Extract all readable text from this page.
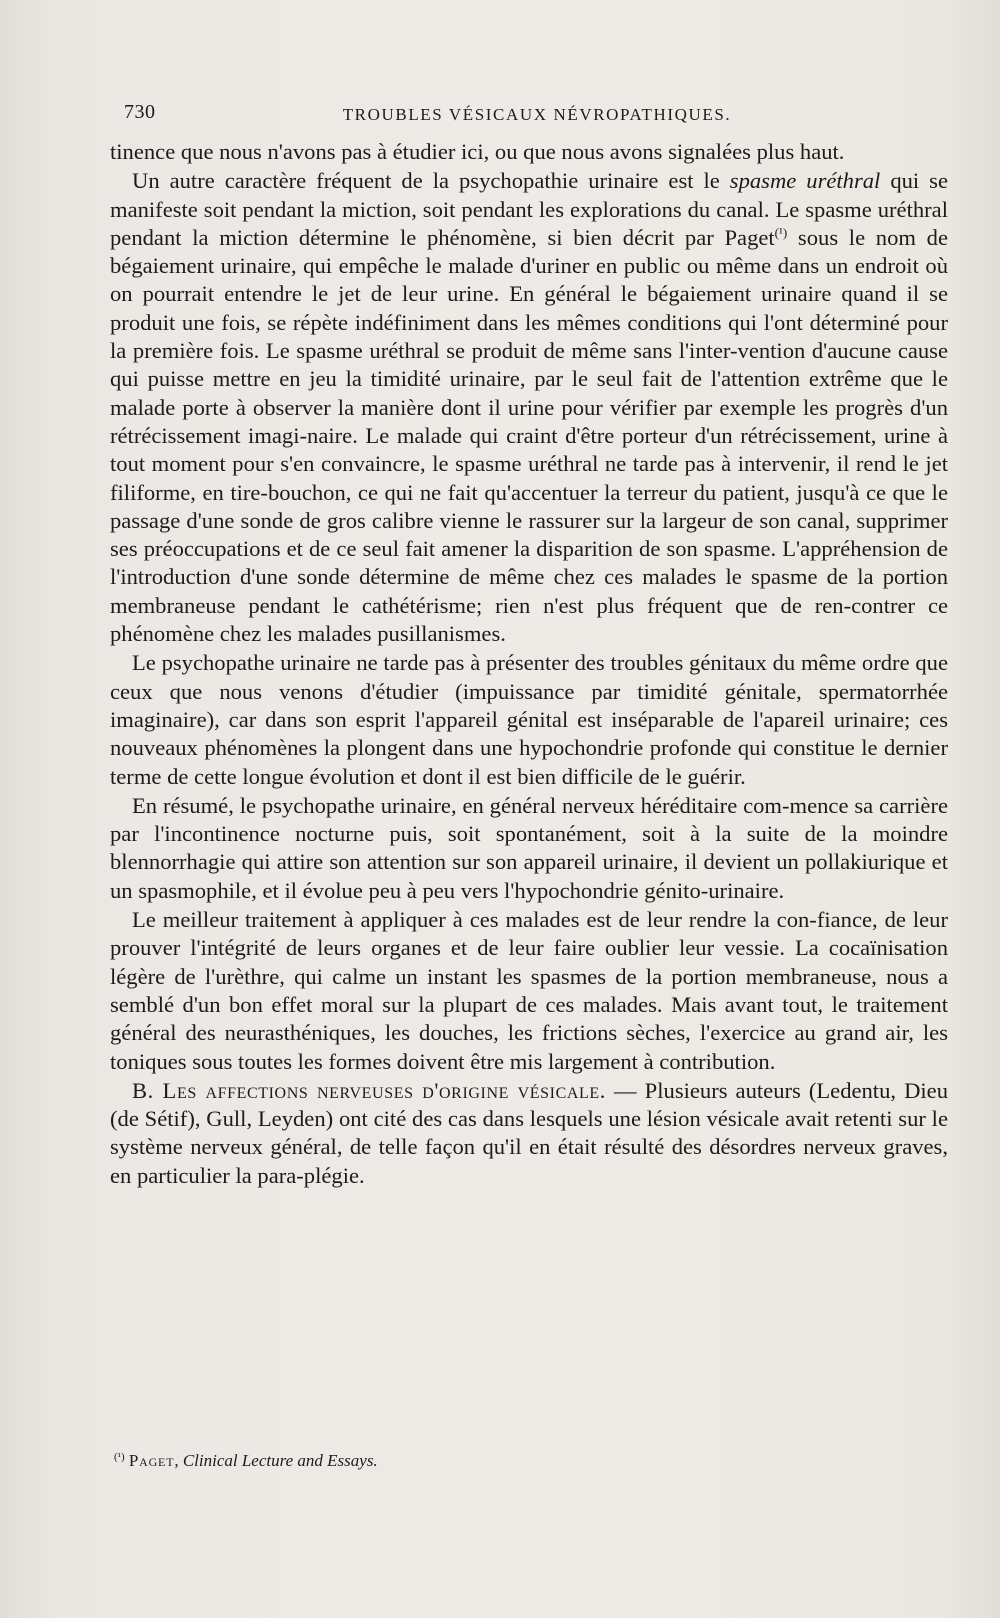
730	TROUBLES VÉSICAUX NÉVROPATHIQUES.

tinence que nous n'avons pas à étudier ici, ou que nous avons signalées plus haut.

Un autre caractère fréquent de la psychopathie urinaire est le spasme uréthral qui se manifeste soit pendant la miction, soit pendant les explorations du canal. Le spasme uréthral pendant la miction détermine le phénomène, si bien décrit par Paget$^{(^1)}$ sous le nom de bégaiement urinaire, qui empêche le malade d'uriner en public ou même dans un endroit où on pourrait entendre le jet de leur urine. En général le bégaiement urinaire quand il se produit une fois, se répète indéfiniment dans les mêmes conditions qui l'ont déterminé pour la première fois. Le spasme uréthral se produit de même sans l'inter-vention d'aucune cause qui puisse mettre en jeu la timidité urinaire, par le seul fait de l'attention extrême que le malade porte à observer la manière dont il urine pour vérifier par exemple les progrès d'un rétrécissement imagi-naire. Le malade qui craint d'être porteur d'un rétrécissement, urine à tout moment pour s'en convaincre, le spasme uréthral ne tarde pas à intervenir, il rend le jet filiforme, en tire-bouchon, ce qui ne fait qu'accentuer la terreur du patient, jusqu'à ce que le passage d'une sonde de gros calibre vienne le rassurer sur la largeur de son canal, supprimer ses préoccupations et de ce seul fait amener la disparition de son spasme. L'appréhension de l'introduction d'une sonde détermine de même chez ces malades le spasme de la portion membraneuse pendant le cathétérisme; rien n'est plus fréquent que de ren-contrer ce phénomène chez les malades pusillanismes.

Le psychopathe urinaire ne tarde pas à présenter des troubles génitaux du même ordre que ceux que nous venons d'étudier (impuissance par timidité génitale, spermatorrhée imaginaire), car dans son esprit l'appareil génital est inséparable de l'apareil urinaire; ces nouveaux phénomènes la plongent dans une hypochondrie profonde qui constitue le dernier terme de cette longue évolution et dont il est bien difficile de le guérir.

En résumé, le psychopathe urinaire, en général nerveux héréditaire com-mence sa carrière par l'incontinence nocturne puis, soit spontanément, soit à la suite de la moindre blennorrhagie qui attire son attention sur son appareil urinaire, il devient un pollakiurique et un spasmophile, et il évolue peu à peu vers l'hypochondrie génito-urinaire.

Le meilleur traitement à appliquer à ces malades est de leur rendre la con-fiance, de leur prouver l'intégrité de leurs organes et de leur faire oublier leur vessie. La cocaïnisation légère de l'urèthre, qui calme un instant les spasmes de la portion membraneuse, nous a semblé d'un bon effet moral sur la plupart de ces malades. Mais avant tout, le traitement général des neurasthéniques, les douches, les frictions sèches, l'exercice au grand air, les toniques sous toutes les formes doivent être mis largement à contribution.

B. Les affections nerveuses d'origine vésicale. — Plusieurs auteurs (Ledentu, Dieu (de Sétif), Gull, Leyden) ont cité des cas dans lesquels une lésion vésicale avait retenti sur le système nerveux général, de telle façon qu'il en était résulté des désordres nerveux graves, en particulier la para-plégie.

$^{(^1)}$ Paget, Clinical Lecture and Essays.
